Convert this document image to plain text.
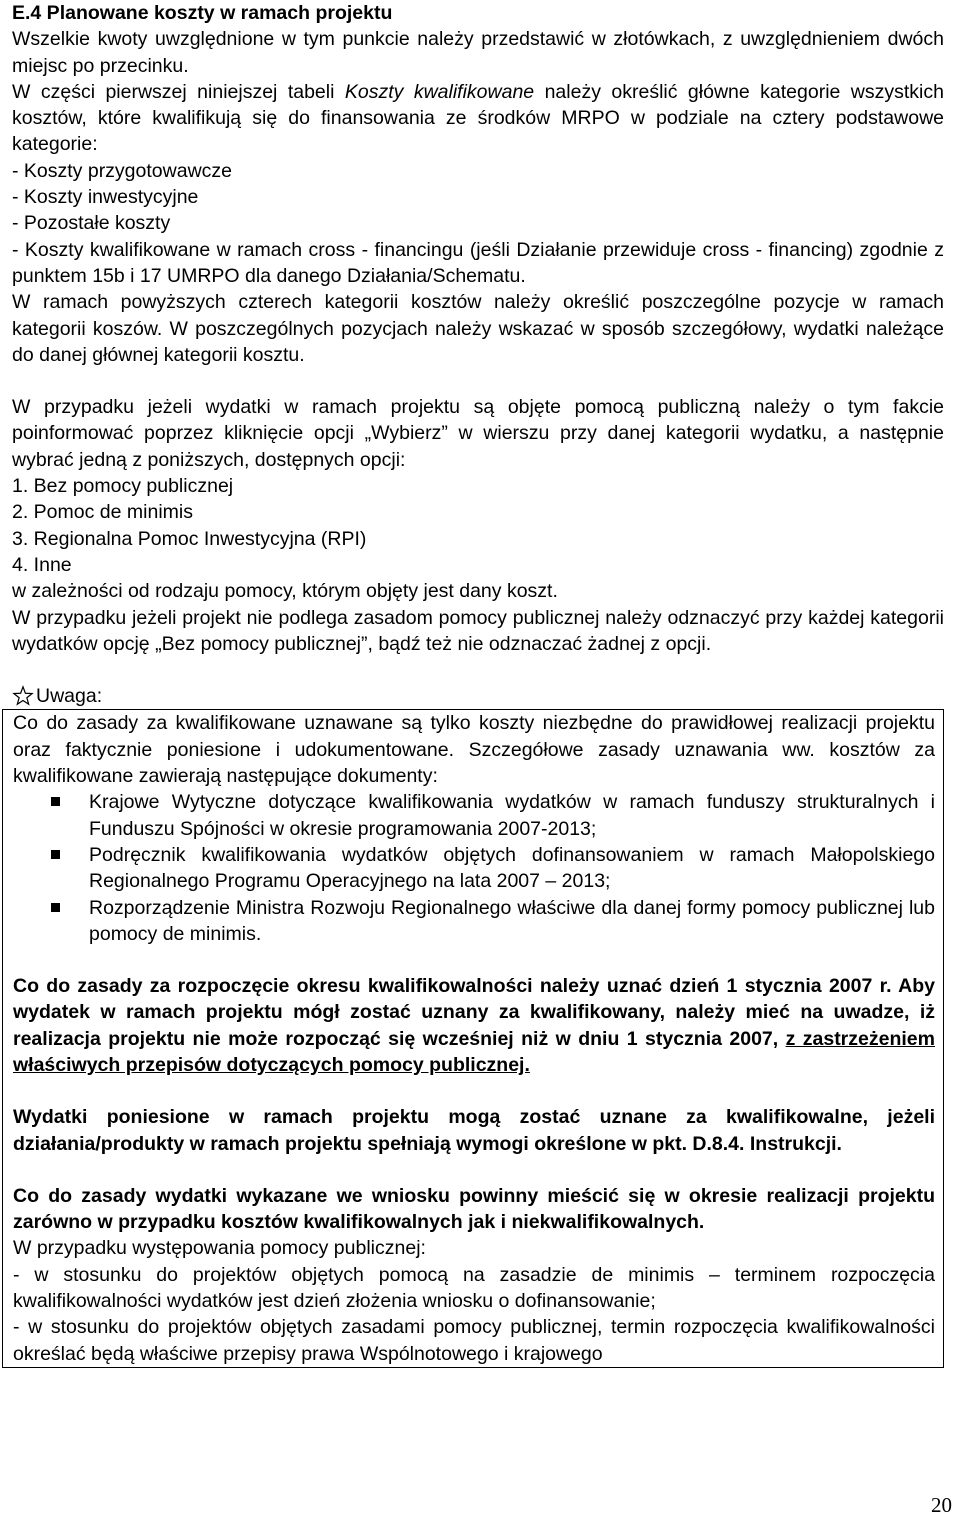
E.4 Planowane koszty w ramach projektu

Wszelkie kwoty uwzględnione w tym punkcie należy przedstawić w złotówkach, z uwzględnieniem dwóch miejsc po przecinku.

W części pierwszej niniejszej tabeli Koszty kwalifikowane należy określić główne kategorie wszystkich kosztów, które kwalifikują się do finansowania ze środków MRPO w podziale na cztery podstawowe kategorie:

- Koszty przygotowawcze

- Koszty inwestycyjne

- Pozostałe koszty

- Koszty kwalifikowane w ramach cross - financingu (jeśli Działanie przewiduje cross - financing) zgodnie z punktem 15b i 17 UMRPO dla danego Działania/Schematu.

W ramach powyższych czterech kategorii kosztów należy określić poszczególne pozycje w ramach kategorii koszów. W poszczególnych pozycjach należy wskazać w sposób szczegółowy, wydatki należące do danej głównej kategorii kosztu.

W przypadku jeżeli wydatki w ramach projektu są objęte pomocą publiczną należy o tym fakcie poinformować poprzez kliknięcie opcji „Wybierz” w wierszu przy danej kategorii wydatku, a następnie wybrać jedną z poniższych, dostępnych opcji:

1. Bez pomocy publicznej

2. Pomoc de minimis

3. Regionalna Pomoc Inwestycyjna (RPI)

4. Inne

w zależności od rodzaju pomocy, którym objęty jest dany koszt.

W przypadku jeżeli projekt nie podlega zasadom pomocy publicznej należy odznaczyć przy każdej kategorii wydatków opcję „Bez pomocy publicznej”, bądź też nie odznaczać żadnej z opcji.

Uwaga:

Co do zasady za kwalifikowane uznawane są tylko koszty niezbędne do prawidłowej realizacji projektu oraz faktycznie poniesione i udokumentowane. Szczegółowe zasady uznawania ww. kosztów za kwalifikowane zawierają następujące dokumenty:

Krajowe Wytyczne dotyczące kwalifikowania wydatków w ramach funduszy strukturalnych i Funduszu Spójności w okresie programowania 2007-2013;
Podręcznik kwalifikowania wydatków objętych dofinansowaniem w ramach Małopolskiego Regionalnego Programu Operacyjnego na lata 2007 – 2013;
Rozporządzenie Ministra Rozwoju Regionalnego właściwe dla danej formy pomocy publicznej lub pomocy de minimis.

Co do zasady za rozpoczęcie okresu kwalifikowalności należy uznać dzień 1 stycznia 2007 r. Aby wydatek w ramach projektu mógł zostać uznany za kwalifikowany, należy mieć na uwadze, iż realizacja projektu nie może rozpocząć się wcześniej niż w dniu 1 stycznia 2007, z zastrzeżeniem właściwych przepisów dotyczących pomocy publicznej.

Wydatki poniesione w ramach projektu mogą zostać uznane za kwalifikowalne, jeżeli działania/produkty w ramach projektu spełniają wymogi określone w pkt. D.8.4. Instrukcji.

Co do zasady wydatki wykazane we wniosku powinny mieścić się w okresie realizacji projektu zarówno w przypadku kosztów kwalifikowalnych jak i niekwalifikowalnych.

W przypadku występowania pomocy publicznej:

- w stosunku do projektów objętych pomocą na zasadzie de minimis – terminem rozpoczęcia kwalifikowalności wydatków jest dzień złożenia wniosku o dofinansowanie;

- w stosunku do projektów objętych zasadami pomocy publicznej, termin rozpoczęcia kwalifikowalności określać będą właściwe przepisy prawa Wspólnotowego i krajowego

20
